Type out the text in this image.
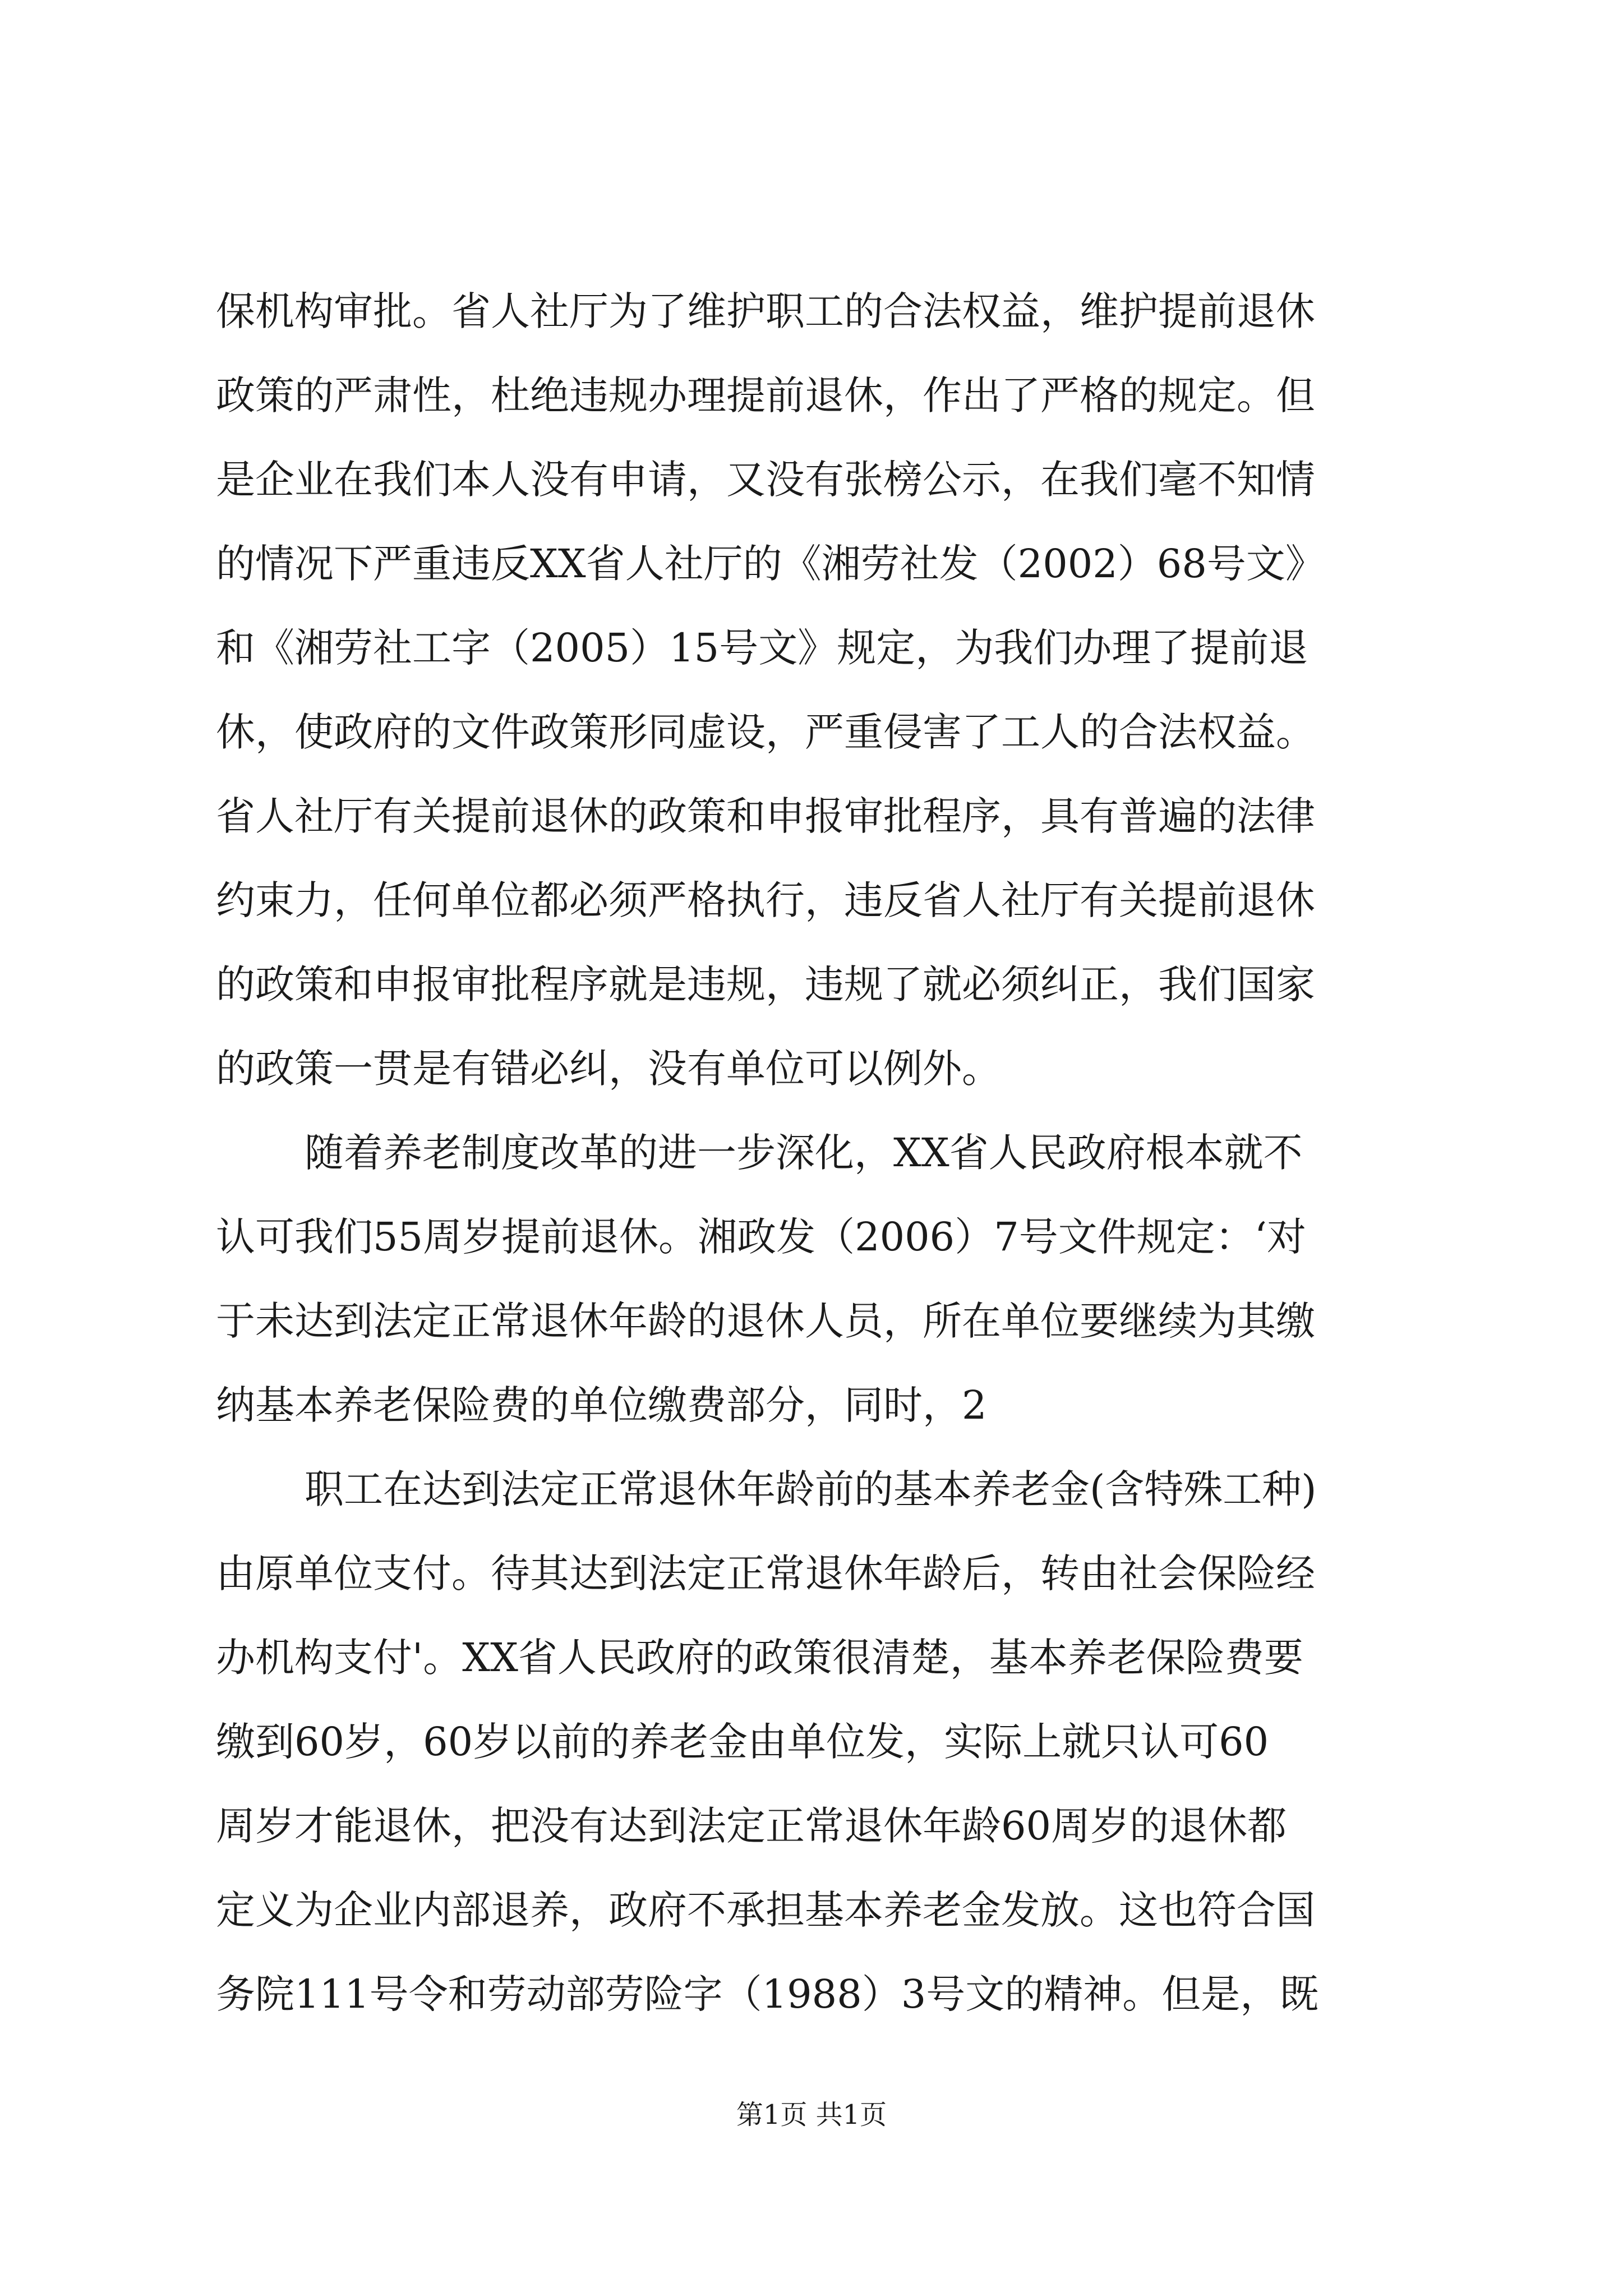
保机构审批。省人社厅为了维护职工的合法权益，维护提前退休
政策的严肃性，杜绝违规办理提前退休，作出了严格的规定。但
是企业在我们本人没有申请，又没有张榜公示，在我们毫不知情
的情况下严重违反XX省人社厅的《湘劳社发（2002）68号文》
和《湘劳社工字（2005）15号文》规定，为我们办理了提前退
休，使政府的文件政策形同虚设，严重侵害了工人的合法权益。
省人社厅有关提前退休的政策和申报审批程序，具有普遍的法律
约束力，任何单位都必须严格执行，违反省人社厅有关提前退休
的政策和申报审批程序就是违规，违规了就必须纠正，我们国家
的政策一贯是有错必纠，没有单位可以例外。
随着养老制度改革的进一步深化，XX省人民政府根本就不
认可我们55周岁提前退休。湘政发（2006）7号文件规定：‘对
于未达到法定正常退休年龄的退休人员，所在单位要继续为其缴
纳基本养老保险费的单位缴费部分，同时，2
职工在达到法定正常退休年龄前的基本养老金(含特殊工种)
由原单位支付。待其达到法定正常退休年龄后，转由社会保险经
办机构支付'。XX省人民政府的政策很清楚，基本养老保险费要
缴到60岁，60岁以前的养老金由单位发，实际上就只认可60
周岁才能退休，把没有达到法定正常退休年龄60周岁的退休都
定义为企业内部退养，政府不承担基本养老金发放。这也符合国
务院111号令和劳动部劳险字（1988）3号文的精神。但是，既
第1页 共1页
